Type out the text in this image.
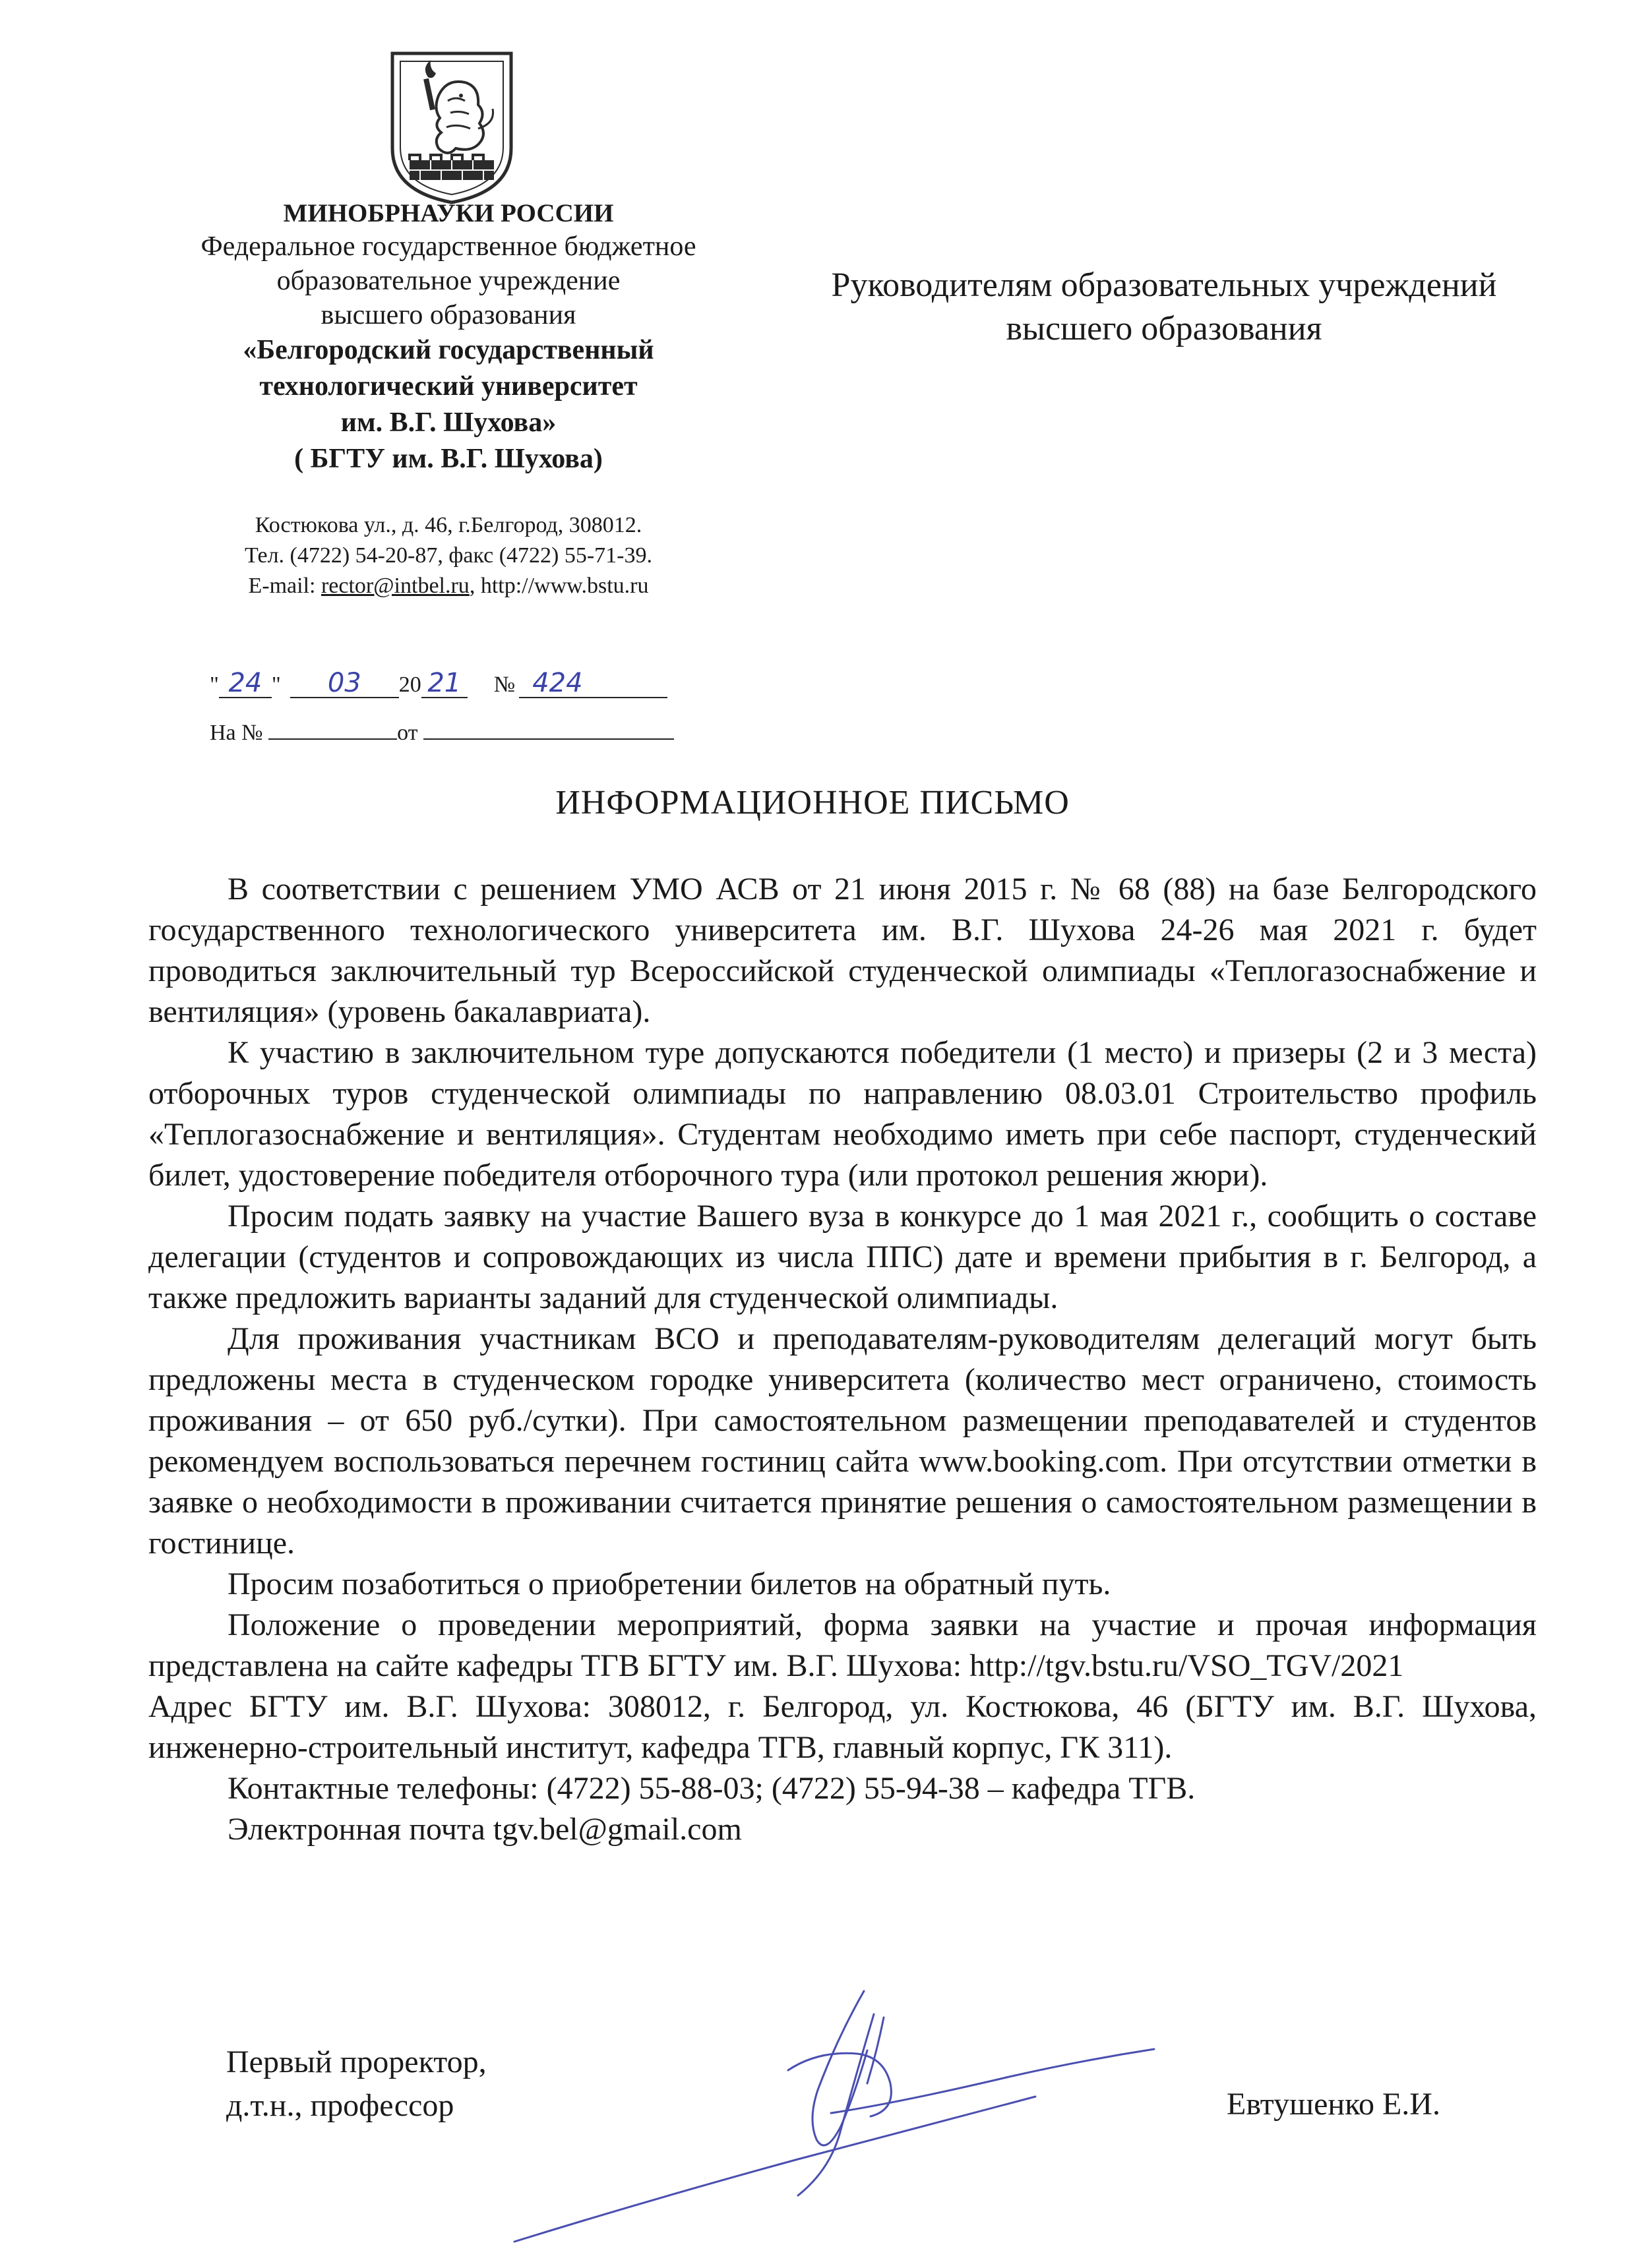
МИНОБРНАУКИ РОССИИ
Федеральное государственное бюджетное
образовательное учреждение
высшего образования
«Белгородский государственный
технологический университет
им. В.Г. Шухова»
( БГТУ им. В.Г. Шухова)
Костюкова ул., д. 46, г.Белгород, 308012.
Тел. (4722) 54-20-87, факс (4722) 55-71-39.
E-mail: rector@intbel.ru, http://www.bstu.ru
Руководителям образовательных учреждений
высшего образования
" 24 " 03 20 21 № 424
На №	от
ИНФОРМАЦИОННОЕ ПИСЬМО

В соответствии с решением УМО АСВ от 21 июня 2015 г. № 68 (88) на базе Белгородского государственного технологического университета им. В.Г. Шухова 24-26 мая 2021 г. будет проводиться заключительный тур Всероссийской студенческой олимпиады «Теплогазоснабжение и вентиляция» (уровень бакалавриата).

К участию в заключительном туре допускаются победители (1 место) и призеры (2 и 3 места) отборочных туров студенческой олимпиады по направлению 08.03.01 Строительство профиль «Теплогазоснабжение и вентиляция». Студентам необходимо иметь при себе паспорт, студенческий билет, удостоверение победителя отборочного тура (или протокол решения жюри).

Просим подать заявку на участие Вашего вуза в конкурсе до 1 мая 2021 г., сообщить о составе делегации (студентов и сопровождающих из числа ППС) дате и времени прибытия в г. Белгород, а также предложить варианты заданий для студенческой олимпиады.

Для проживания участникам ВСО и преподавателям-руководителям делегаций могут быть предложены места в студенческом городке университета (количество мест ограничено, стоимость проживания – от 650 руб./сутки). При самостоятельном размещении преподавателей и студентов рекомендуем воспользоваться перечнем гостиниц сайта www.booking.com. При отсутствии отметки в заявке о необходимости в проживании считается принятие решения о самостоятельном размещении в гостинице.

Просим позаботиться о приобретении билетов на обратный путь.

Положение о проведении мероприятий, форма заявки на участие и прочая информация представлена на сайте кафедры ТГВ БГТУ им. В.Г. Шухова: http://tgv.bstu.ru/VSO_TGV/2021

Адрес БГТУ им. В.Г. Шухова: 308012, г. Белгород, ул. Костюкова, 46 (БГТУ им. В.Г. Шухова, инженерно-строительный институт, кафедра ТГВ, главный корпус, ГК 311).

Контактные телефоны: (4722) 55-88-03; (4722) 55-94-38 – кафедра ТГВ.

Электронная почта tgv.bel@gmail.com

Первый проректор,
д.т.н., профессор	Евтушенко Е.И.
